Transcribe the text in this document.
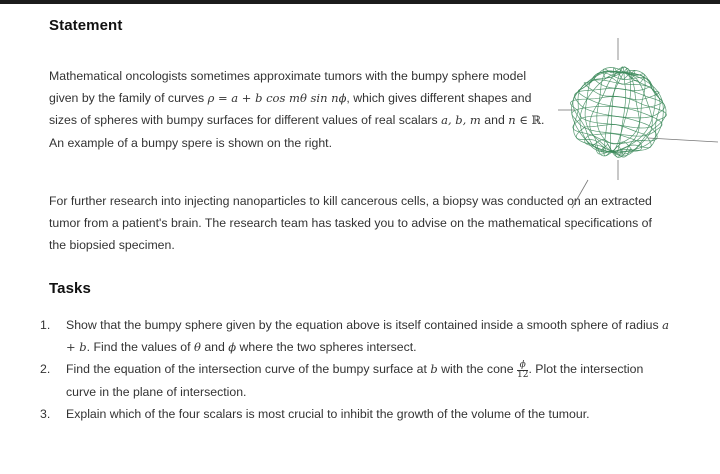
Statement

Mathematical oncologists sometimes approximate tumors with the bumpy sphere model given by the family of curves ρ = a + b cos mθ sin nϕ, which gives different shapes and sizes of spheres with bumpy surfaces for different values of real scalars a, b, m and n ∈ ℝ. An example of a bumpy spere is shown on the right.

For further research into injecting nanoparticles to kill cancerous cells, a biopsy was conducted on an extracted tumor from a patient's brain. The research team has tasked you to advise on the mathematical specifications of the biopsied specimen.

Tasks
1. Show that the bumpy sphere given by the equation above is itself contained inside a smooth sphere of radius a + b. Find the values of θ and ϕ where the two spheres intersect.
2. Find the equation of the intersection curve of the bumpy surface at b with the cone $\frac{\phi}{12}$ . Plot the intersection curve in the plane of intersection.
3. Explain which of the four scalars is most crucial to inhibit the growth of the volume of the tumour.
